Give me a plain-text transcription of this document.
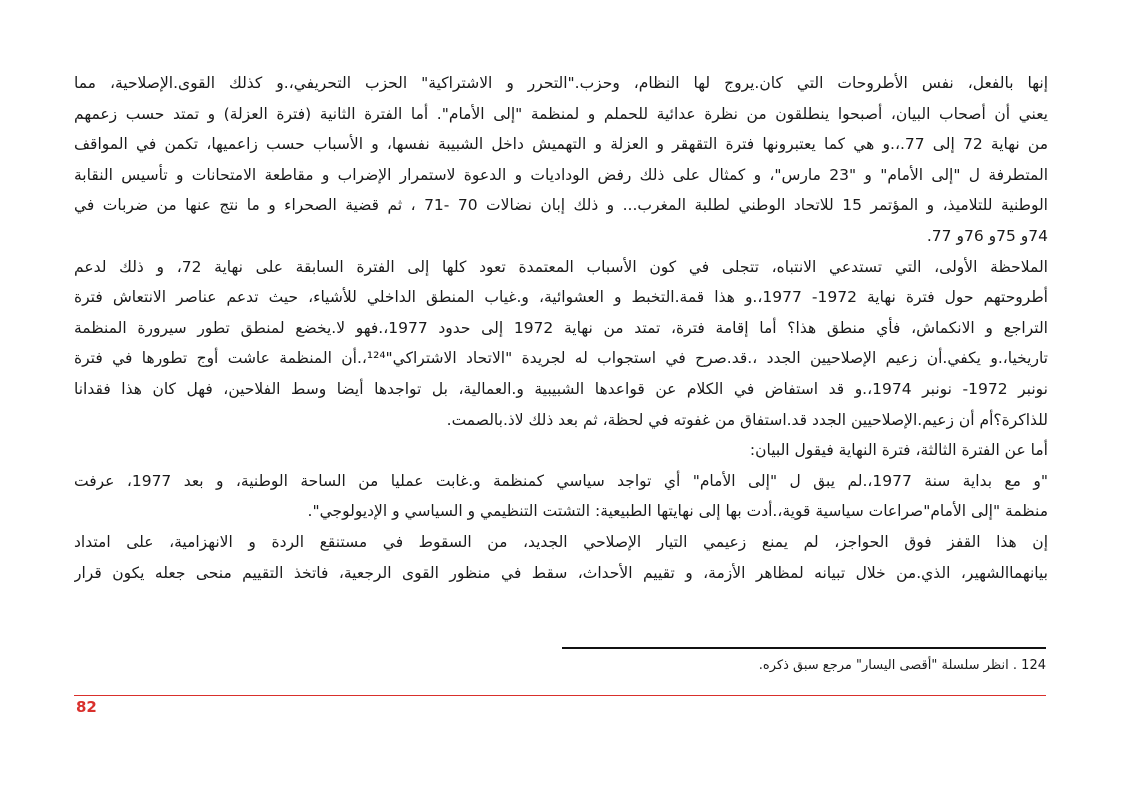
إنها بالفعل، نفس الأطروحات التي كان.يروج لها النظام، وحزب."التحرر و الاشتراكية" الحزب التحريفي،.و كذلك القوى.الإصلاحية، مما
يعني أن أصحاب البيان، أصبحوا ينطلقون من نظرة عدائية للحملم و لمنظمة "إلى الأمام". أما الفترة الثانية (فترة العزلة) و تمتد حسب زعمهم
من نهاية 72 إلى 77.،.و هي كما يعتبرونها فترة التقهقر و العزلة و التهميش داخل الشبيبة نفسها، و الأسباب حسب زاعميها، تكمن في المواقف
المتطرفة ل "إلى الأمام" و "23 مارس"، و كمثال على ذلك رفض الوداديات و الدعوة لاستمرار الإضراب و مقاطعة الامتحانات و تأسيس النقابة
الوطنية للتلاميذ، و المؤتمر 15 للاتحاد الوطني لطلبة المغرب... و ذلك إبان نضالات 70 -71 ، ثم قضية الصحراء و ما نتج عنها من ضربات في
74و 75و 76و 77.
الملاحظة الأولى، التي تستدعي الانتباه، تتجلى في كون الأسباب المعتمدة تعود كلها إلى الفترة السابقة على نهاية 72، و ذلك لدعم
أطروحتهم حول فترة نهاية 1972- 1977،.و هذا قمة.التخبط و العشوائية، و.غياب المنطق الداخلي للأشياء، حيث تدعم عناصر الانتعاش فترة
التراجع و الانكماش، فأي منطق هذا؟ أما إقامة فترة، تمتد من نهاية 1972 إلى حدود 1977،.فهو لا.يخضع لمنطق تطور سيرورة المنظمة
تاريخيا،.و يكفي.أن زعيم الإصلاحيين الجدد ،.قد.صرح في استجواب له لجريدة "الاتحاد الاشتراكي"¹²⁴،.أن المنظمة عاشت أوج تطورها في فترة
نونبر 1972- نونبر 1974،.و قد استفاض في الكلام عن قواعدها الشبيبية و.العمالية، بل تواجدها أيضا وسط الفلاحين، فهل كان هذا فقدانا
للذاكرة؟أم أن زعيم.الإصلاحيين الجدد قد.استفاق من غفوته في لحظة، ثم بعد ذلك لاذ.بالصمت.
أما عن الفترة الثالثة، فترة النهاية فيقول البيان:
"و مع بداية سنة 1977،.لم يبق ل "إلى الأمام" أي تواجد سياسي كمنظمة و.غابت عمليا من الساحة الوطنية، و بعد 1977، عرفت
منظمة "إلى الأمام"صراعات سياسية قوية،.أدت بها إلى نهايتها الطبيعية: التشتت التنظيمي و السياسي و الإديولوجي".
إن هذا القفز فوق الحواجز، لم يمنع زعيمي التيار الإصلاحي الجديد، من السقوط في مستنقع الردة و الانهزامية، على امتداد
بيانهماالشهير، الذي.من خلال تبيانه لمظاهر الأزمة، و تقييم الأحداث، سقط في منظور القوى الرجعية، فاتخذ التقييم منحى جعله يكون قرار
124 . انظر سلسلة "أقصى اليسار" مرجع سبق ذكره.
82
